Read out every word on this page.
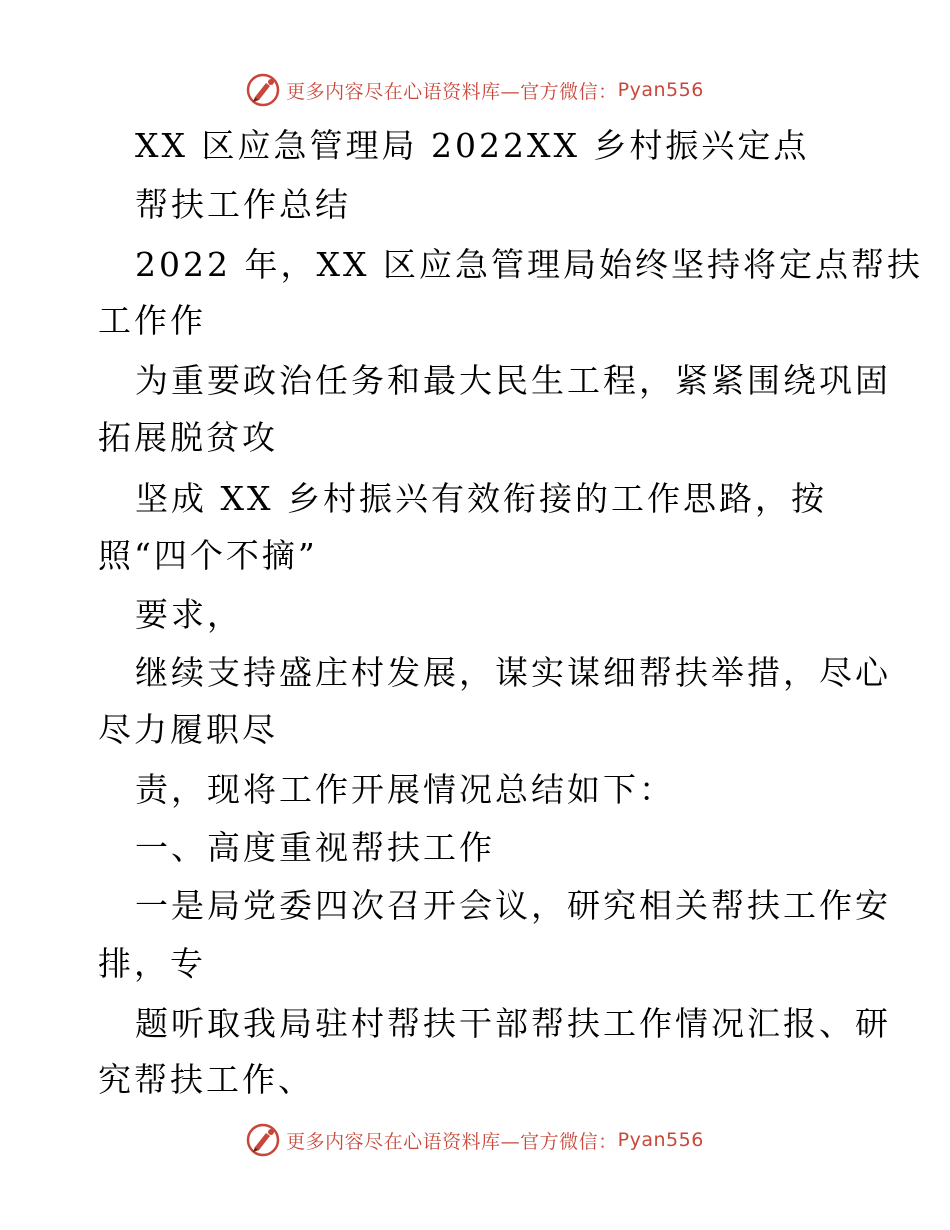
更多内容尽在心语资料库—官方微信： Pyan556
XX 区应急管理局 2022XX 乡村振兴定点
帮扶工作总结
2022 年，XX 区应急管理局始终坚持将定点帮扶
工作作
为重要政治任务和最大民生工程，紧紧围绕巩固
拓展脱贫攻
坚成 XX 乡村振兴有效衔接的工作思路，按
照“四个不摘”
要求，
继续支持盛庄村发展，谋实谋细帮扶举措，尽心
尽力履职尽
责，现将工作开展情况总结如下：
一、高度重视帮扶工作
一是局党委四次召开会议，研究相关帮扶工作安
排，专
题听取我局驻村帮扶干部帮扶工作情况汇报、研
究帮扶工作、
更多内容尽在心语资料库—官方微信： Pyan556
